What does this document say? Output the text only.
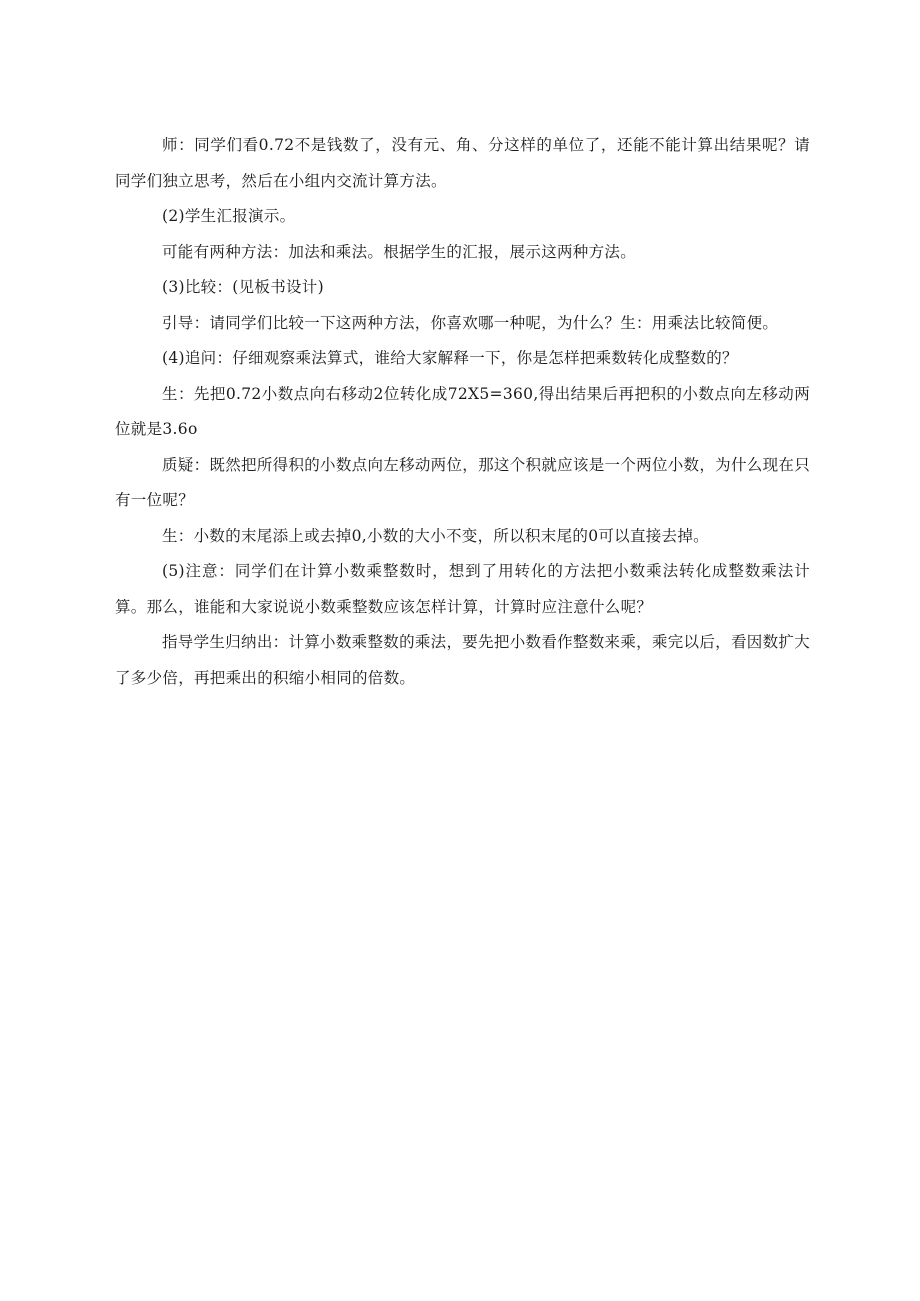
师：同学们看0.72不是钱数了，没有元、角、分这样的单位了，还能不能计算出结果呢？请同学们独立思考，然后在小组内交流计算方法。

(2)学生汇报演示。

可能有两种方法：加法和乘法。根据学生的汇报，展示这两种方法。

(3)比较：(见板书设计)

引导：请同学们比较一下这两种方法，你喜欢哪一种呢，为什么？生：用乘法比较简便。

(4)追问：仔细观察乘法算式，谁给大家解释一下，你是怎样把乘数转化成整数的？

生：先把0.72小数点向右移动2位转化成72X5=360,得出结果后再把积的小数点向左移动两位就是3.6o

质疑：既然把所得积的小数点向左移动两位，那这个积就应该是一个两位小数，为什么现在只有一位呢？

生：小数的末尾添上或去掉0,小数的大小不变，所以积末尾的0可以直接去掉。

(5)注意：同学们在计算小数乘整数时，想到了用转化的方法把小数乘法转化成整数乘法计算。那么，谁能和大家说说小数乘整数应该怎样计算，计算时应注意什么呢？

指导学生归纳出：计算小数乘整数的乘法，要先把小数看作整数来乘，乘完以后，看因数扩大了多少倍，再把乘出的积缩小相同的倍数。
